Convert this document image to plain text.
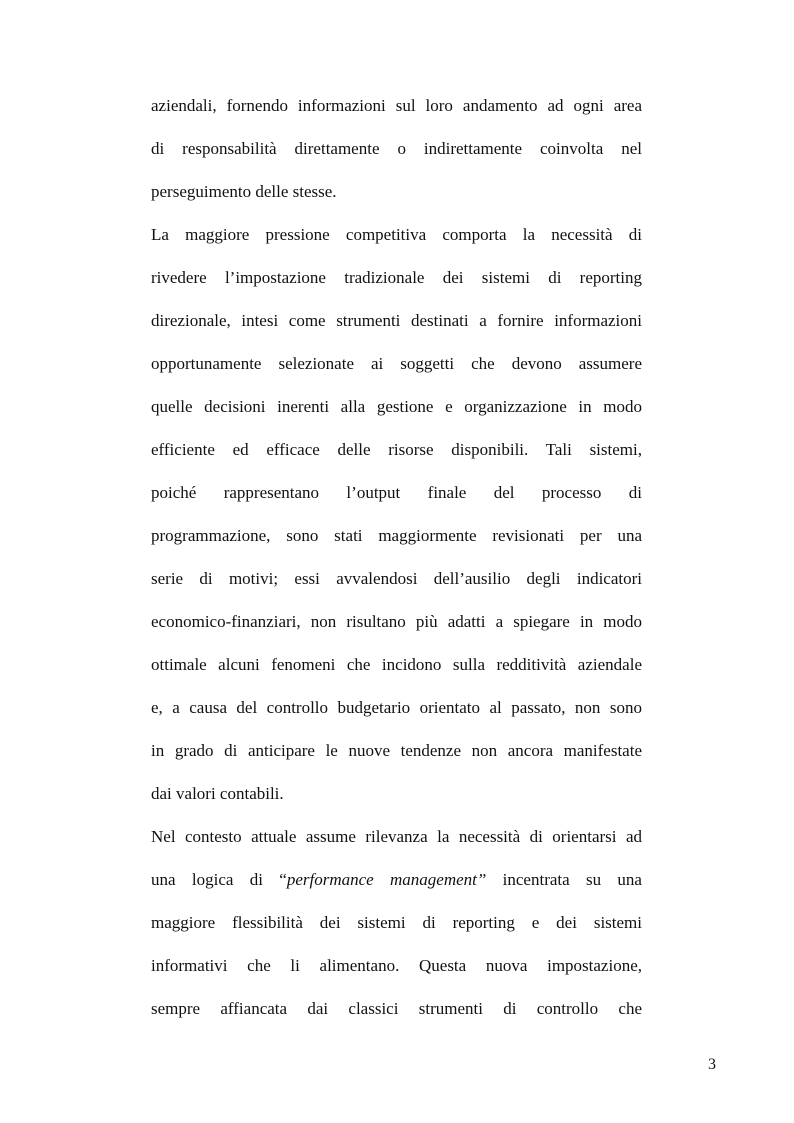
aziendali, fornendo informazioni sul loro andamento ad ogni area
di responsabilità direttamente o indirettamente coinvolta nel
perseguimento delle stesse.
La maggiore pressione competitiva comporta la necessità di
rivedere l’impostazione tradizionale dei sistemi di reporting
direzionale, intesi come strumenti destinati a fornire informazioni
opportunamente selezionate ai soggetti che devono assumere
quelle decisioni inerenti alla gestione e organizzazione in modo
efficiente ed efficace delle risorse disponibili. Tali sistemi,
poiché rappresentano l’output finale del processo di
programmazione, sono stati maggiormente revisionati per una
serie di motivi; essi avvalendosi dell’ausilio degli indicatori
economico-finanziari, non risultano più adatti a spiegare in modo
ottimale alcuni fenomeni che incidono sulla redditività aziendale
e, a causa del controllo budgetario orientato al passato, non sono
in grado di anticipare le nuove tendenze non ancora manifestate
dai valori contabili.
Nel contesto attuale assume rilevanza la necessità di orientarsi ad
una logica di “performance management” incentrata su una
maggiore flessibilità dei sistemi di reporting e dei sistemi
informativi che li alimentano. Questa nuova impostazione,
sempre affiancata dai classici strumenti di controllo che
3
